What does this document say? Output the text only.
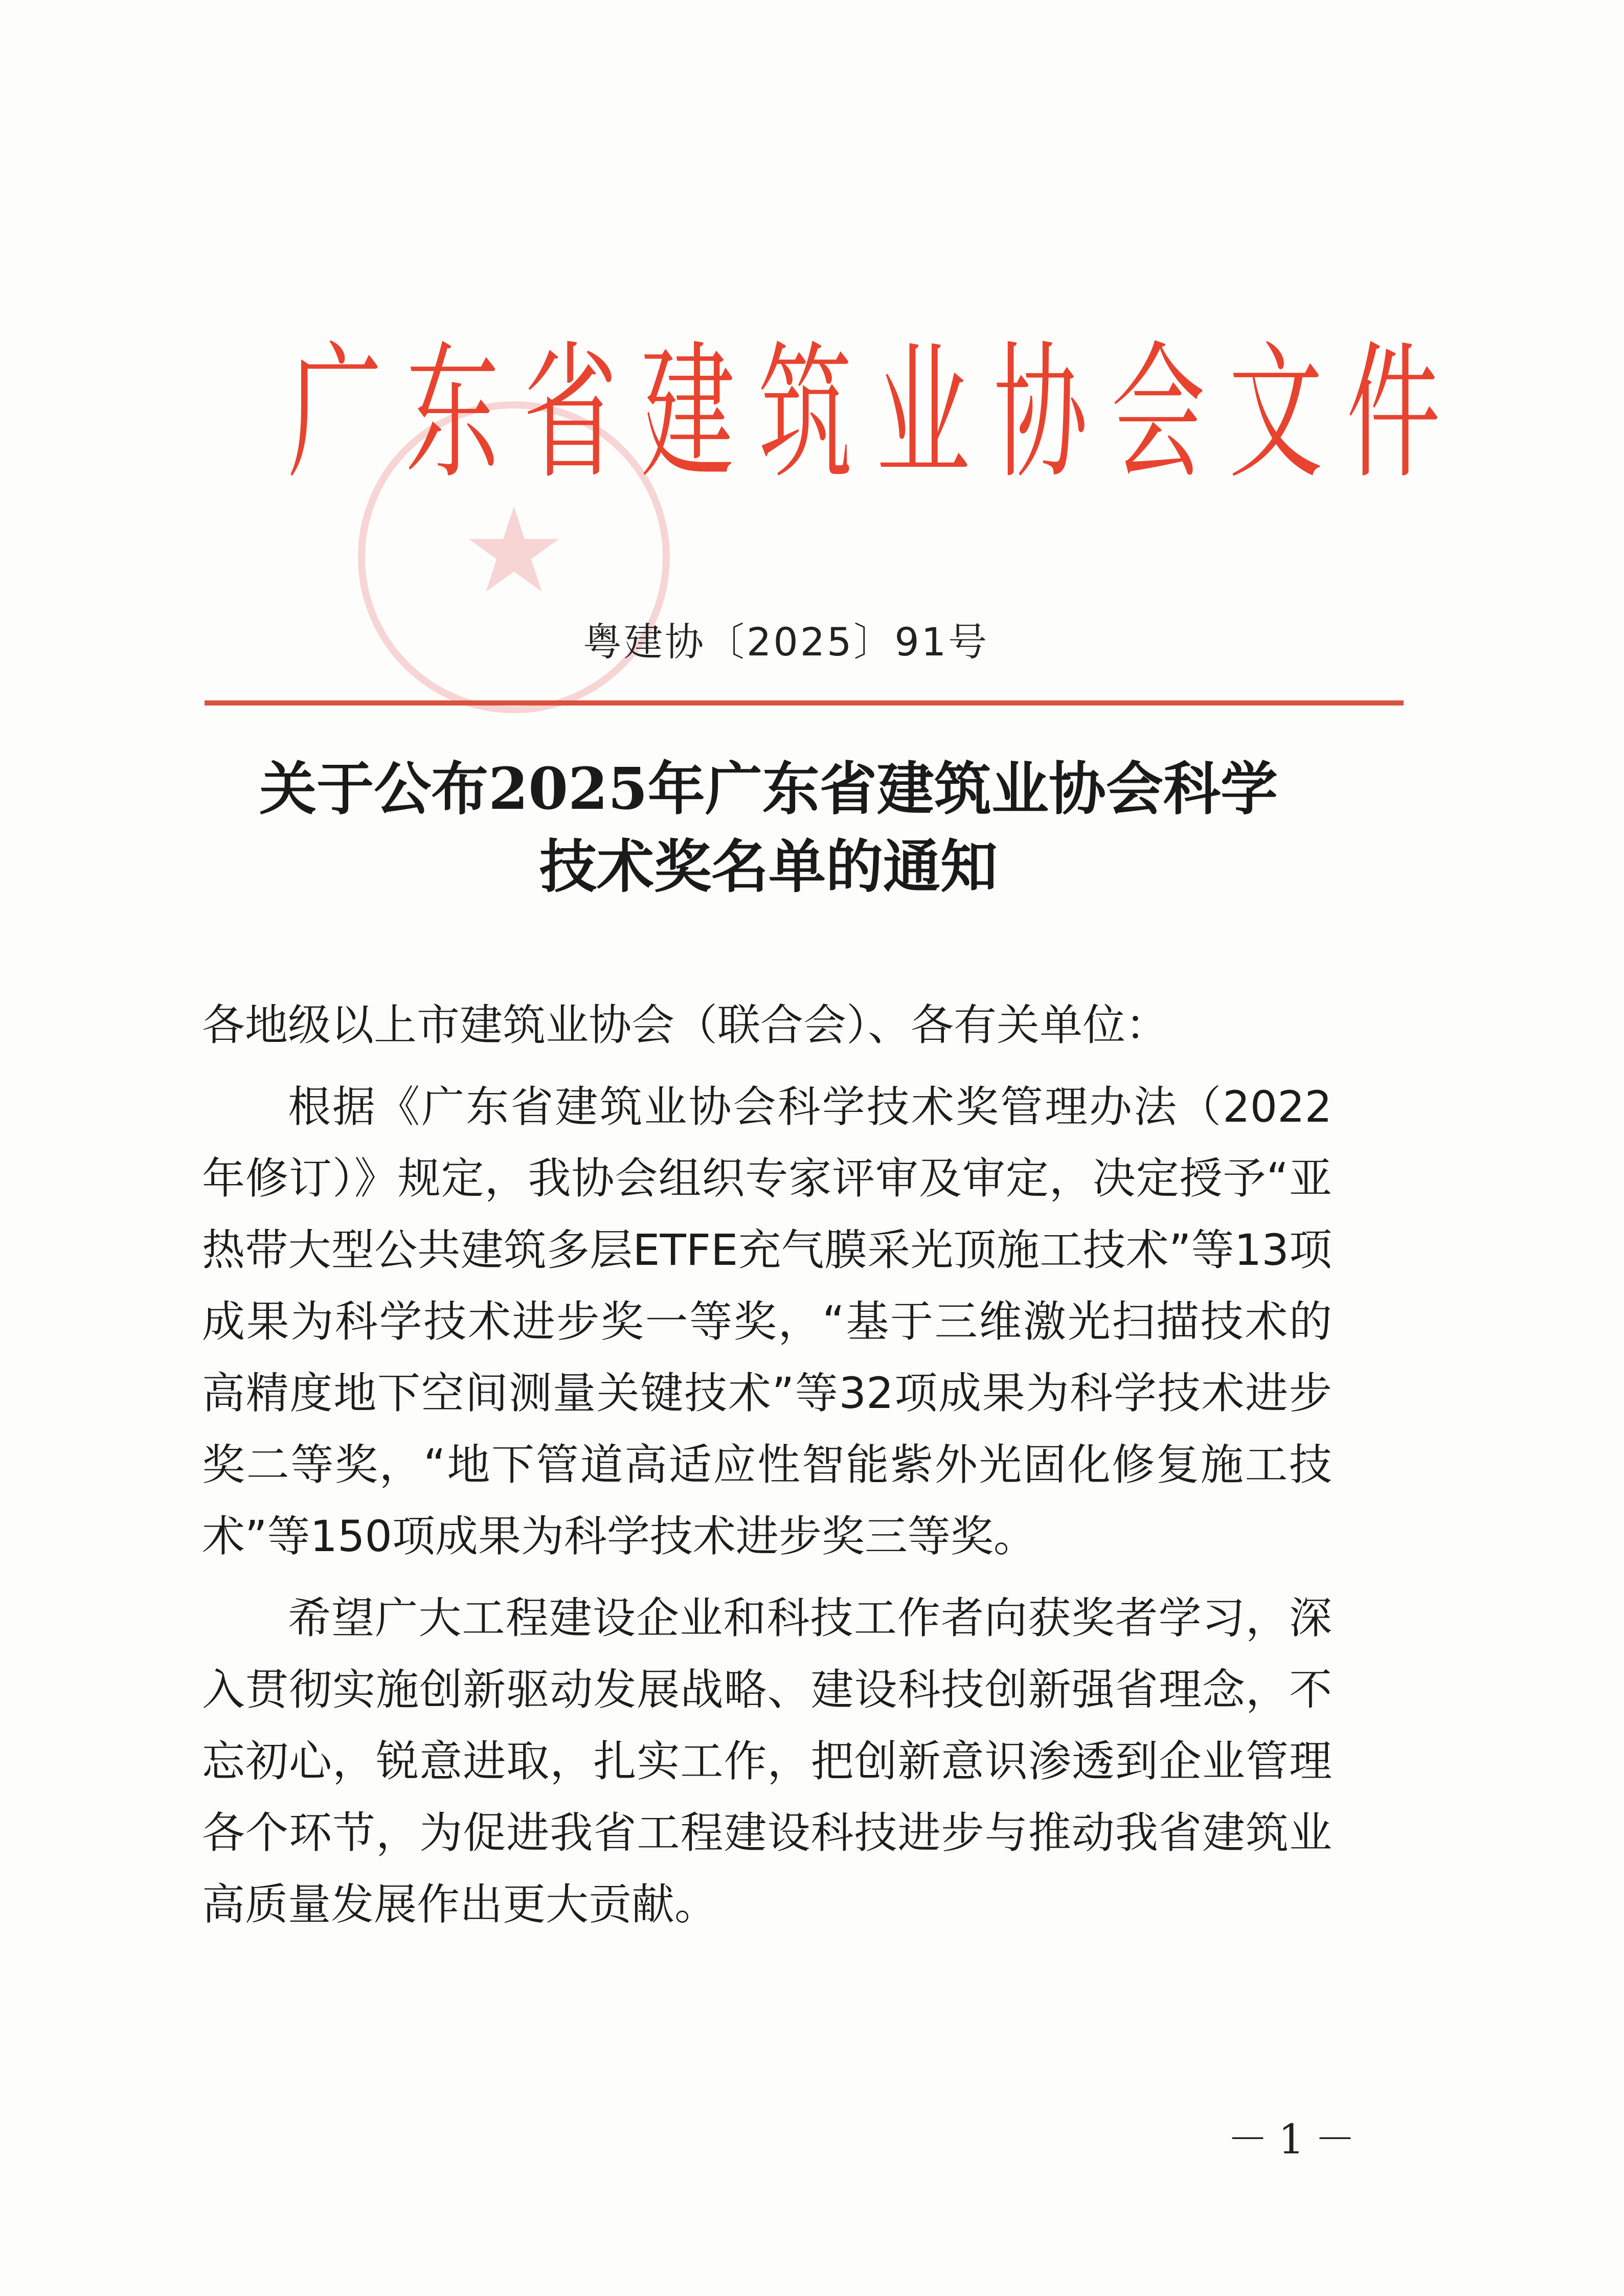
★
广 东 省 建 筑 业 协 会 文 件
粤建协〔2025〕91号
关于公布2025年广东省建筑业协会科学
技术奖名单的通知

各地级以上市建筑业协会（联合会）、各有关单位：

根据《广东省建筑业协会科学技术奖管理办法（2022年修订）》规定，我协会组织专家评审及审定，决定授予“亚热带大型公共建筑多层ETFE充气膜采光顶施工技术”等13项成果为科学技术进步奖一等奖，“基于三维激光扫描技术的高精度地下空间测量关键技术”等32项成果为科学技术进步奖二等奖，“地下管道高适应性智能紫外光固化修复施工技术”等150项成果为科学技术进步奖三等奖。

希望广大工程建设企业和科技工作者向获奖者学习，深入贯彻实施创新驱动发展战略、建设科技创新强省理念，不忘初心，锐意进取，扎实工作，把创新意识渗透到企业管理各个环节，为促进我省工程建设科技进步与推动我省建筑业高质量发展作出更大贡献。

－1－
